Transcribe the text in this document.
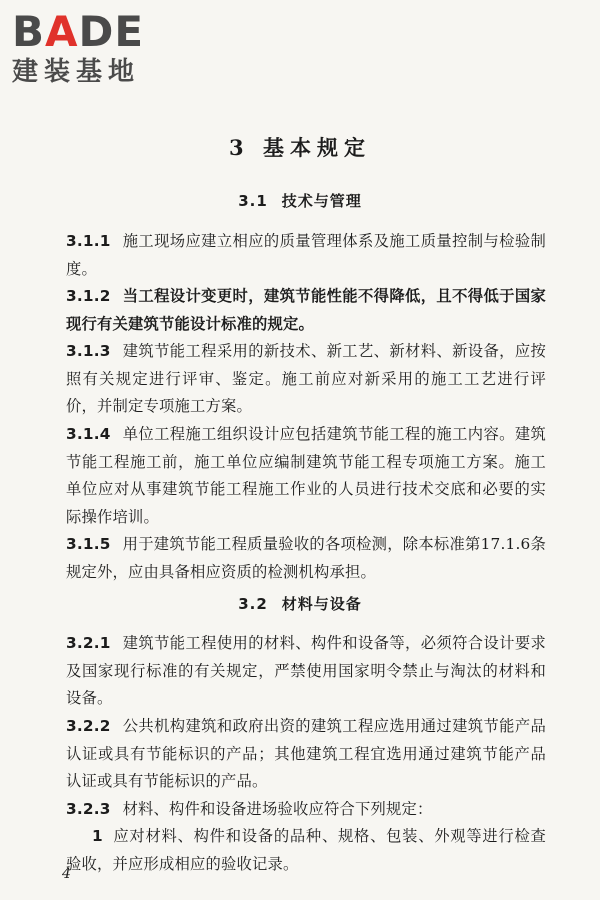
BADE
建装基地
3 基本规定
3.1 技术与管理
3.1.1 施工现场应建立相应的质量管理体系及施工质量控制与检验制度。
3.1.2 当工程设计变更时，建筑节能性能不得降低，且不得低于国家现行有关建筑节能设计标准的规定。
3.1.3 建筑节能工程采用的新技术、新工艺、新材料、新设备，应按照有关规定进行评审、鉴定。施工前应对新采用的施工工艺进行评价，并制定专项施工方案。
3.1.4 单位工程施工组织设计应包括建筑节能工程的施工内容。建筑节能工程施工前，施工单位应编制建筑节能工程专项施工方案。施工单位应对从事建筑节能工程施工作业的人员进行技术交底和必要的实际操作培训。
3.1.5 用于建筑节能工程质量验收的各项检测，除本标准第17.1.6条规定外，应由具备相应资质的检测机构承担。
3.2 材料与设备
3.2.1 建筑节能工程使用的材料、构件和设备等，必须符合设计要求及国家现行标准的有关规定，严禁使用国家明令禁止与淘汰的材料和设备。
3.2.2 公共机构建筑和政府出资的建筑工程应选用通过建筑节能产品认证或具有节能标识的产品；其他建筑工程宜选用通过建筑节能产品认证或具有节能标识的产品。
3.2.3 材料、构件和设备进场验收应符合下列规定：
1 应对材料、构件和设备的品种、规格、包装、外观等进行检查验收，并应形成相应的验收记录。
4
